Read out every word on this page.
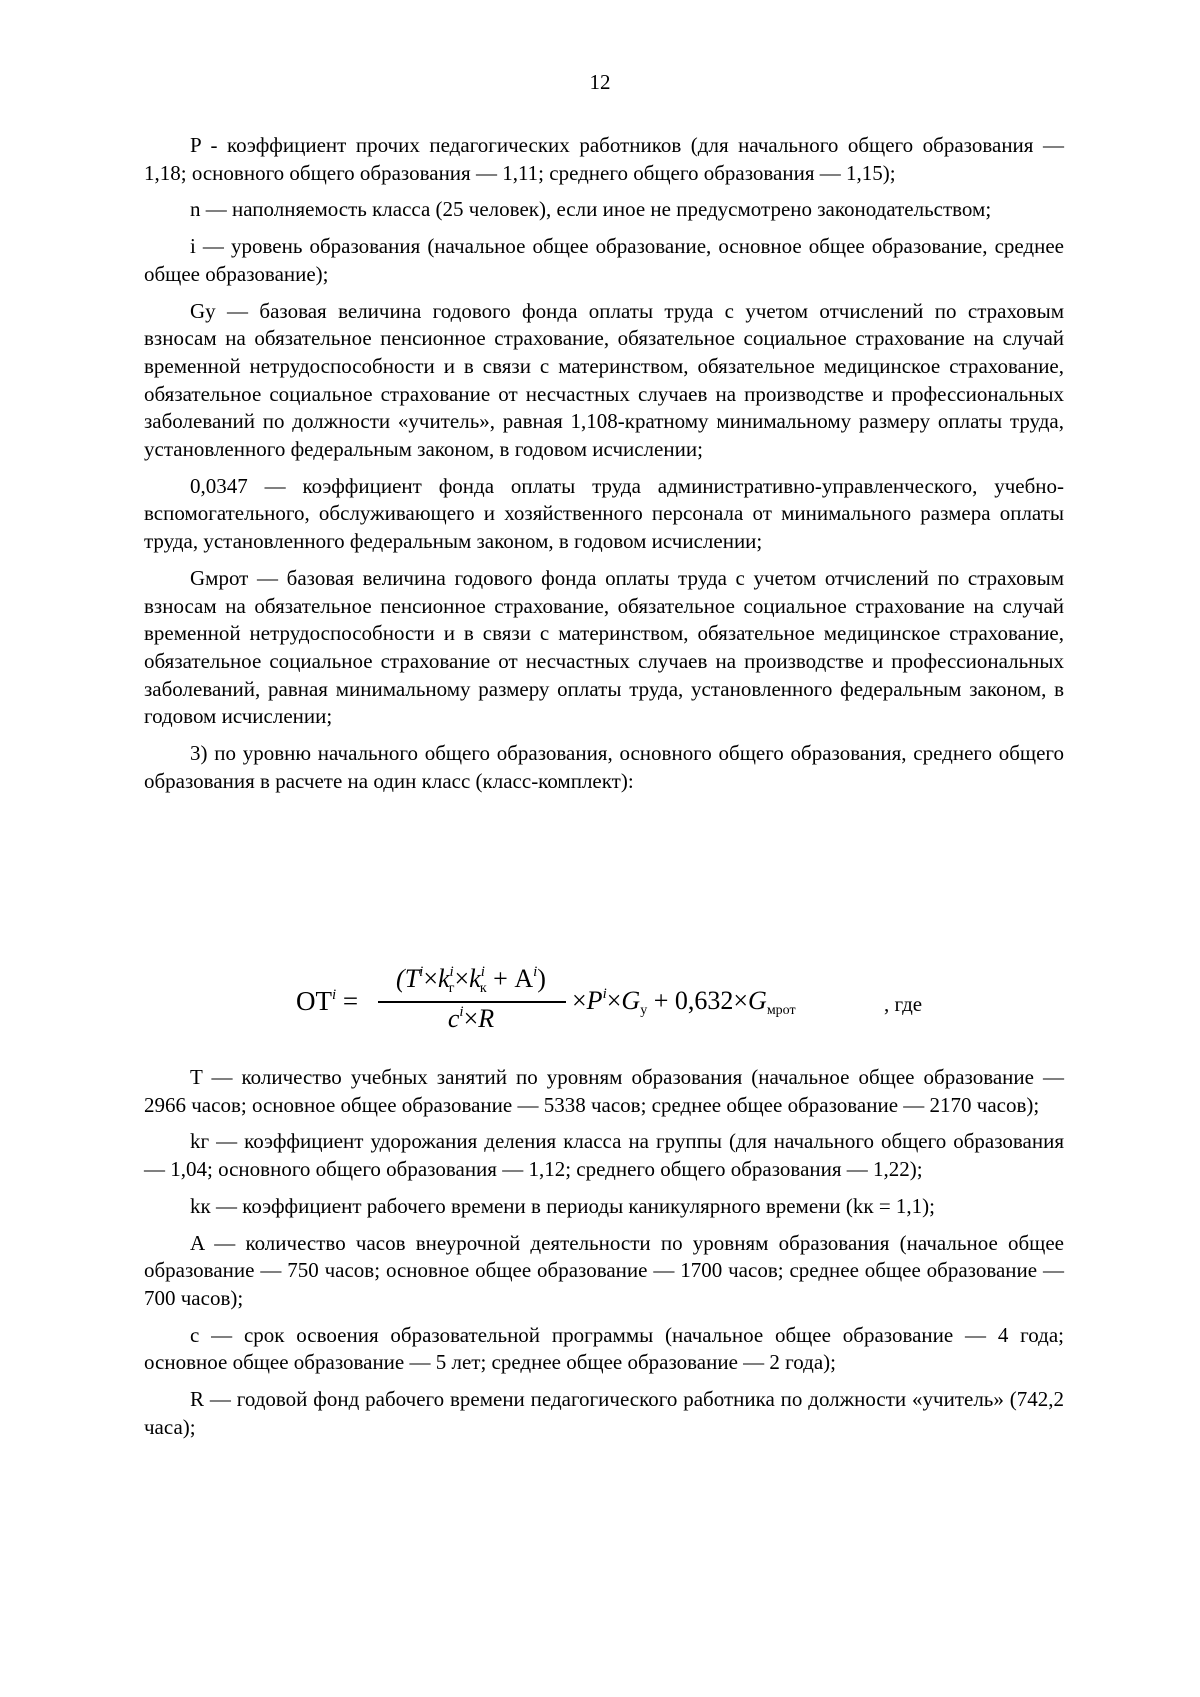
12

P - коэффициент прочих педагогических работников (для начального общего образования — 1,18; основного общего образования — 1,11; среднего общего образования — 1,15);

n — наполняемость класса (25 человек), если иное не предусмотрено законодательством;

i — уровень образования (начальное общее образование, основное общее образование, среднее общее образование);

Gу — базовая величина годового фонда оплаты труда с учетом отчислений по страховым взносам на обязательное пенсионное страхование, обязательное социальное страхование на случай временной нетрудоспособности и в связи с материнством, обязательное медицинское страхование, обязательное социальное страхование от несчастных случаев на производстве и профессиональных заболеваний по должности «учитель», равная 1,108-кратному минимальному размеру оплаты труда, установленного федеральным законом, в годовом исчислении;

0,0347 — коэффициент фонда оплаты труда административно-управленческого, учебно-вспомогательного, обслуживающего и хозяйственного персонала от минимального размера оплаты труда, установленного федеральным законом, в годовом исчислении;

Gмрот — базовая величина годового фонда оплаты труда с учетом отчислений по страховым взносам на обязательное пенсионное страхование, обязательное социальное страхование на случай временной нетрудоспособности и в связи с материнством, обязательное медицинское страхование, обязательное социальное страхование от несчастных случаев на производстве и профессиональных заболеваний, равная минимальному размеру оплаты труда, установленного федеральным законом, в годовом исчислении;

3) по уровню начального общего образования, основного общего образования, среднего общего образования в расчете на один класс (класс-комплект):

$OT^i$ =
$(T^i\times k^i_г\times k^i_к + A^i)$
$c^i\times R$
$\times P^i\times G_у + 0,632\times G_{мрот}$	, где

T — количество учебных занятий по уровням образования (начальное общее образование — 2966 часов; основное общее образование — 5338 часов; среднее общее образование — 2170 часов);

kг — коэффициент удорожания деления класса на группы (для начального общего образования — 1,04; основного общего образования — 1,12; среднего общего образования — 1,22);

kк — коэффициент рабочего времени в периоды каникулярного времени (kк = 1,1);

A — количество часов внеурочной деятельности по уровням образования (начальное общее образование — 750 часов; основное общее образование — 1700 часов; среднее общее образование — 700 часов);

c — срок освоения образовательной программы (начальное общее образование — 4 года; основное общее образование — 5 лет; среднее общее образование — 2 года);

R — годовой фонд рабочего времени педагогического работника по должности «учитель» (742,2 часа);
